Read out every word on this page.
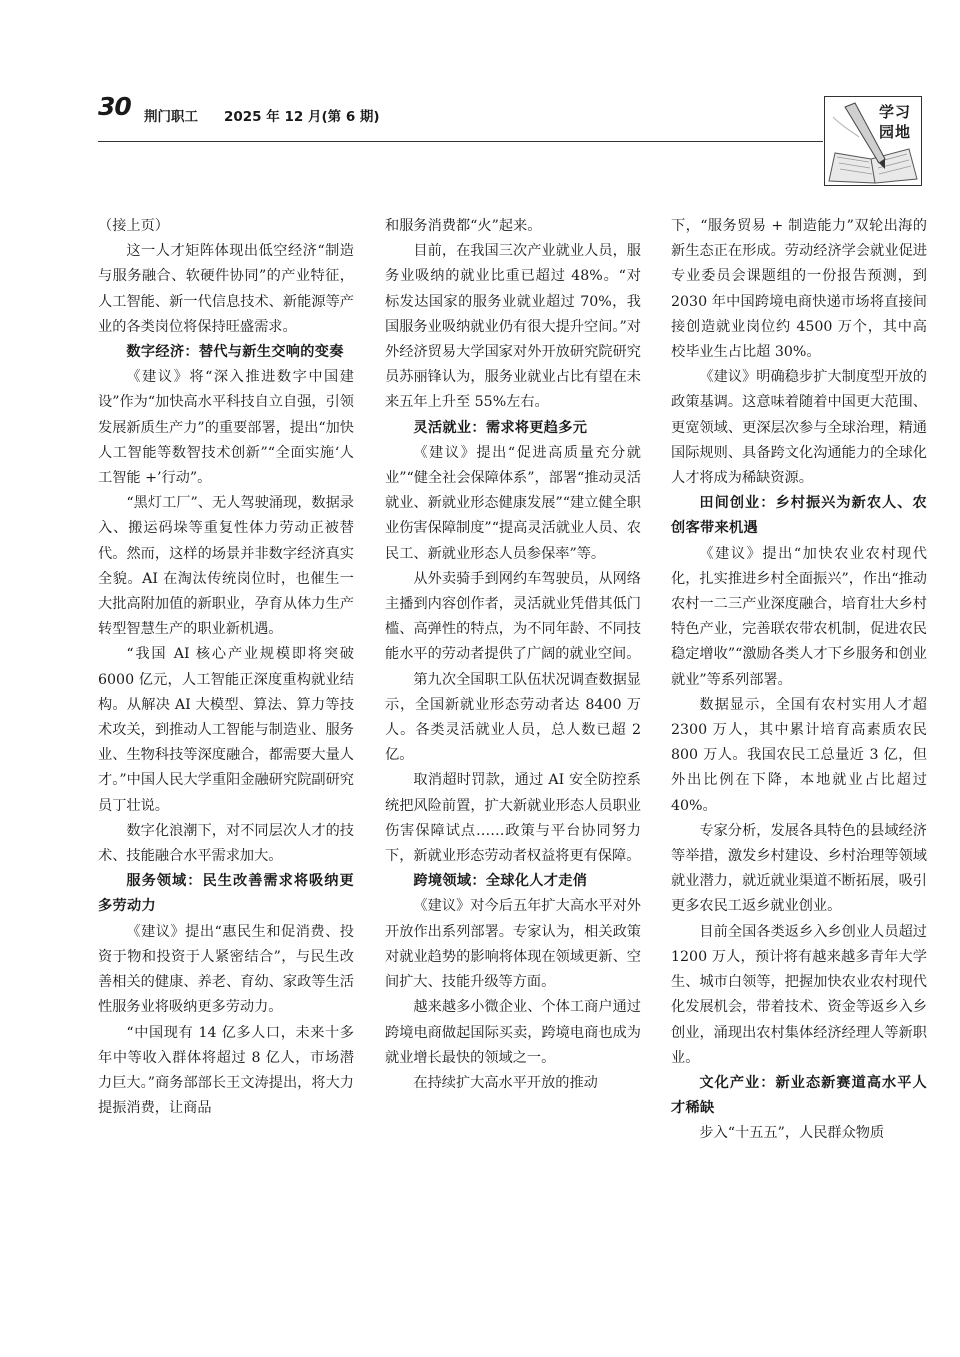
30 荆门职工 2025 年 12 月(第 6 期)	学习园地

（接上页）

这一人才矩阵体现出低空经济“制造与服务融合、软硬件协同”的产业特征，人工智能、新一代信息技术、新能源等产业的各类岗位将保持旺盛需求。

数字经济：替代与新生交响的变奏

《建议》将“深入推进数字中国建设”作为“加快高水平科技自立自强，引领发展新质生产力”的重要部署，提出“加快人工智能等数智技术创新”“全面实施‘人工智能 +’行动”。

“黑灯工厂”、无人驾驶涌现，数据录入、搬运码垛等重复性体力劳动正被替代。然而，这样的场景并非数字经济真实全貌。AI 在淘汰传统岗位时，也催生一大批高附加值的新职业，孕育从体力生产转型智慧生产的职业新机遇。

“我国 AI 核心产业规模即将突破 6000 亿元，人工智能正深度重构就业结构。从解决 AI 大模型、算法、算力等技术攻关，到推动人工智能与制造业、服务业、生物科技等深度融合，都需要大量人才。”中国人民大学重阳金融研究院副研究员丁壮说。

数字化浪潮下，对不同层次人才的技术、技能融合水平需求加大。

服务领域：民生改善需求将吸纳更多劳动力

《建议》提出“惠民生和促消费、投资于物和投资于人紧密结合”，与民生改善相关的健康、养老、育幼、家政等生活性服务业将吸纳更多劳动力。

“中国现有 14 亿多人口，未来十多年中等收入群体将超过 8 亿人，市场潜力巨大。”商务部部长王文涛提出，将大力提振消费，让商品

和服务消费都“火”起来。

目前，在我国三次产业就业人员，服务业吸纳的就业比重已超过 48%。“对标发达国家的服务业就业超过 70%，我国服务业吸纳就业仍有很大提升空间。”对外经济贸易大学国家对外开放研究院研究员苏丽锋认为，服务业就业占比有望在未来五年上升至 55%左右。

灵活就业：需求将更趋多元

《建议》提出“促进高质量充分就业”“健全社会保障体系”，部署“推动灵活就业、新就业形态健康发展”“建立健全职业伤害保障制度”“提高灵活就业人员、农民工、新就业形态人员参保率”等。

从外卖骑手到网约车驾驶员，从网络主播到内容创作者，灵活就业凭借其低门槛、高弹性的特点，为不同年龄、不同技能水平的劳动者提供了广阔的就业空间。

第九次全国职工队伍状况调查数据显示，全国新就业形态劳动者达 8400 万人。各类灵活就业人员，总人数已超 2 亿。

取消超时罚款，通过 AI 安全防控系统把风险前置，扩大新就业形态人员职业伤害保障试点……政策与平台协同努力下，新就业形态劳动者权益将更有保障。

跨境领域：全球化人才走俏

《建议》对今后五年扩大高水平对外开放作出系列部署。专家认为，相关政策对就业趋势的影响将体现在领域更新、空间扩大、技能升级等方面。

越来越多小微企业、个体工商户通过跨境电商做起国际买卖，跨境电商也成为就业增长最快的领域之一。

在持续扩大高水平开放的推动

下，“服务贸易 + 制造能力”双轮出海的新生态正在形成。劳动经济学会就业促进专业委员会课题组的一份报告预测，到 2030 年中国跨境电商快递市场将直接间接创造就业岗位约 4500 万个，其中高校毕业生占比超 30%。

《建议》明确稳步扩大制度型开放的政策基调。这意味着随着中国更大范围、更宽领域、更深层次参与全球治理，精通国际规则、具备跨文化沟通能力的全球化人才将成为稀缺资源。

田间创业：乡村振兴为新农人、农创客带来机遇

《建议》提出“加快农业农村现代化，扎实推进乡村全面振兴”，作出“推动农村一二三产业深度融合，培育壮大乡村特色产业，完善联农带农机制，促进农民稳定增收”“激励各类人才下乡服务和创业就业”等系列部署。

数据显示，全国有农村实用人才超 2300 万人，其中累计培育高素质农民 800 万人。我国农民工总量近 3 亿，但外出比例在下降，本地就业占比超过 40%。

专家分析，发展各具特色的县域经济等举措，激发乡村建设、乡村治理等领域就业潜力，就近就业渠道不断拓展，吸引更多农民工返乡就业创业。

目前全国各类返乡入乡创业人员超过 1200 万人，预计将有越来越多青年大学生、城市白领等，把握加快农业农村现代化发展机会，带着技术、资金等返乡入乡创业，涌现出农村集体经济经理人等新职业。

文化产业：新业态新赛道高水平人才稀缺

步入“十五五”，人民群众物质
